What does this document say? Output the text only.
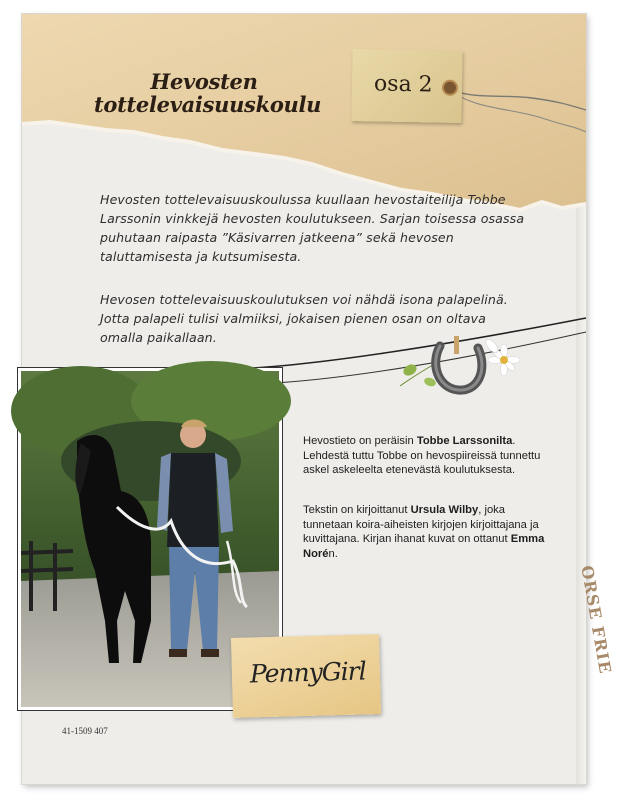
Hevosten
tottelevaisuuskoulu
osa 2

Hevosten tottelevaisuuskoulussa kuullaan hevostaiteilija Tobbe Larssonin vinkkejä hevosten koulutukseen. Sarjan toisessa osassa puhutaan raipasta ”Käsivarren jatkeena” sekä hevosen taluttamisesta ja kutsumisesta.

Hevosen tottelevaisuuskoulutuksen voi nähdä isona palapelinä. Jotta palapeli tulisi valmiiksi, jokaisen pienen osan on oltava omalla paikallaan.

Hevostieto on peräisin Tobbe Larssonilta. Lehdestä tuttu Tobbe on hevospiireissä tunnettu askel askeleelta etenevästä koulutuksesta.

Tekstin on kirjoittanut Ursula Wilby, joka tunnetaan koira-aiheisten kirjojen kirjoittajana ja kuvittajana. Kirjan ihanat kuvat on ottanut Emma Norén.

PennyGirl	ORSE FRIE

41-1509 407
